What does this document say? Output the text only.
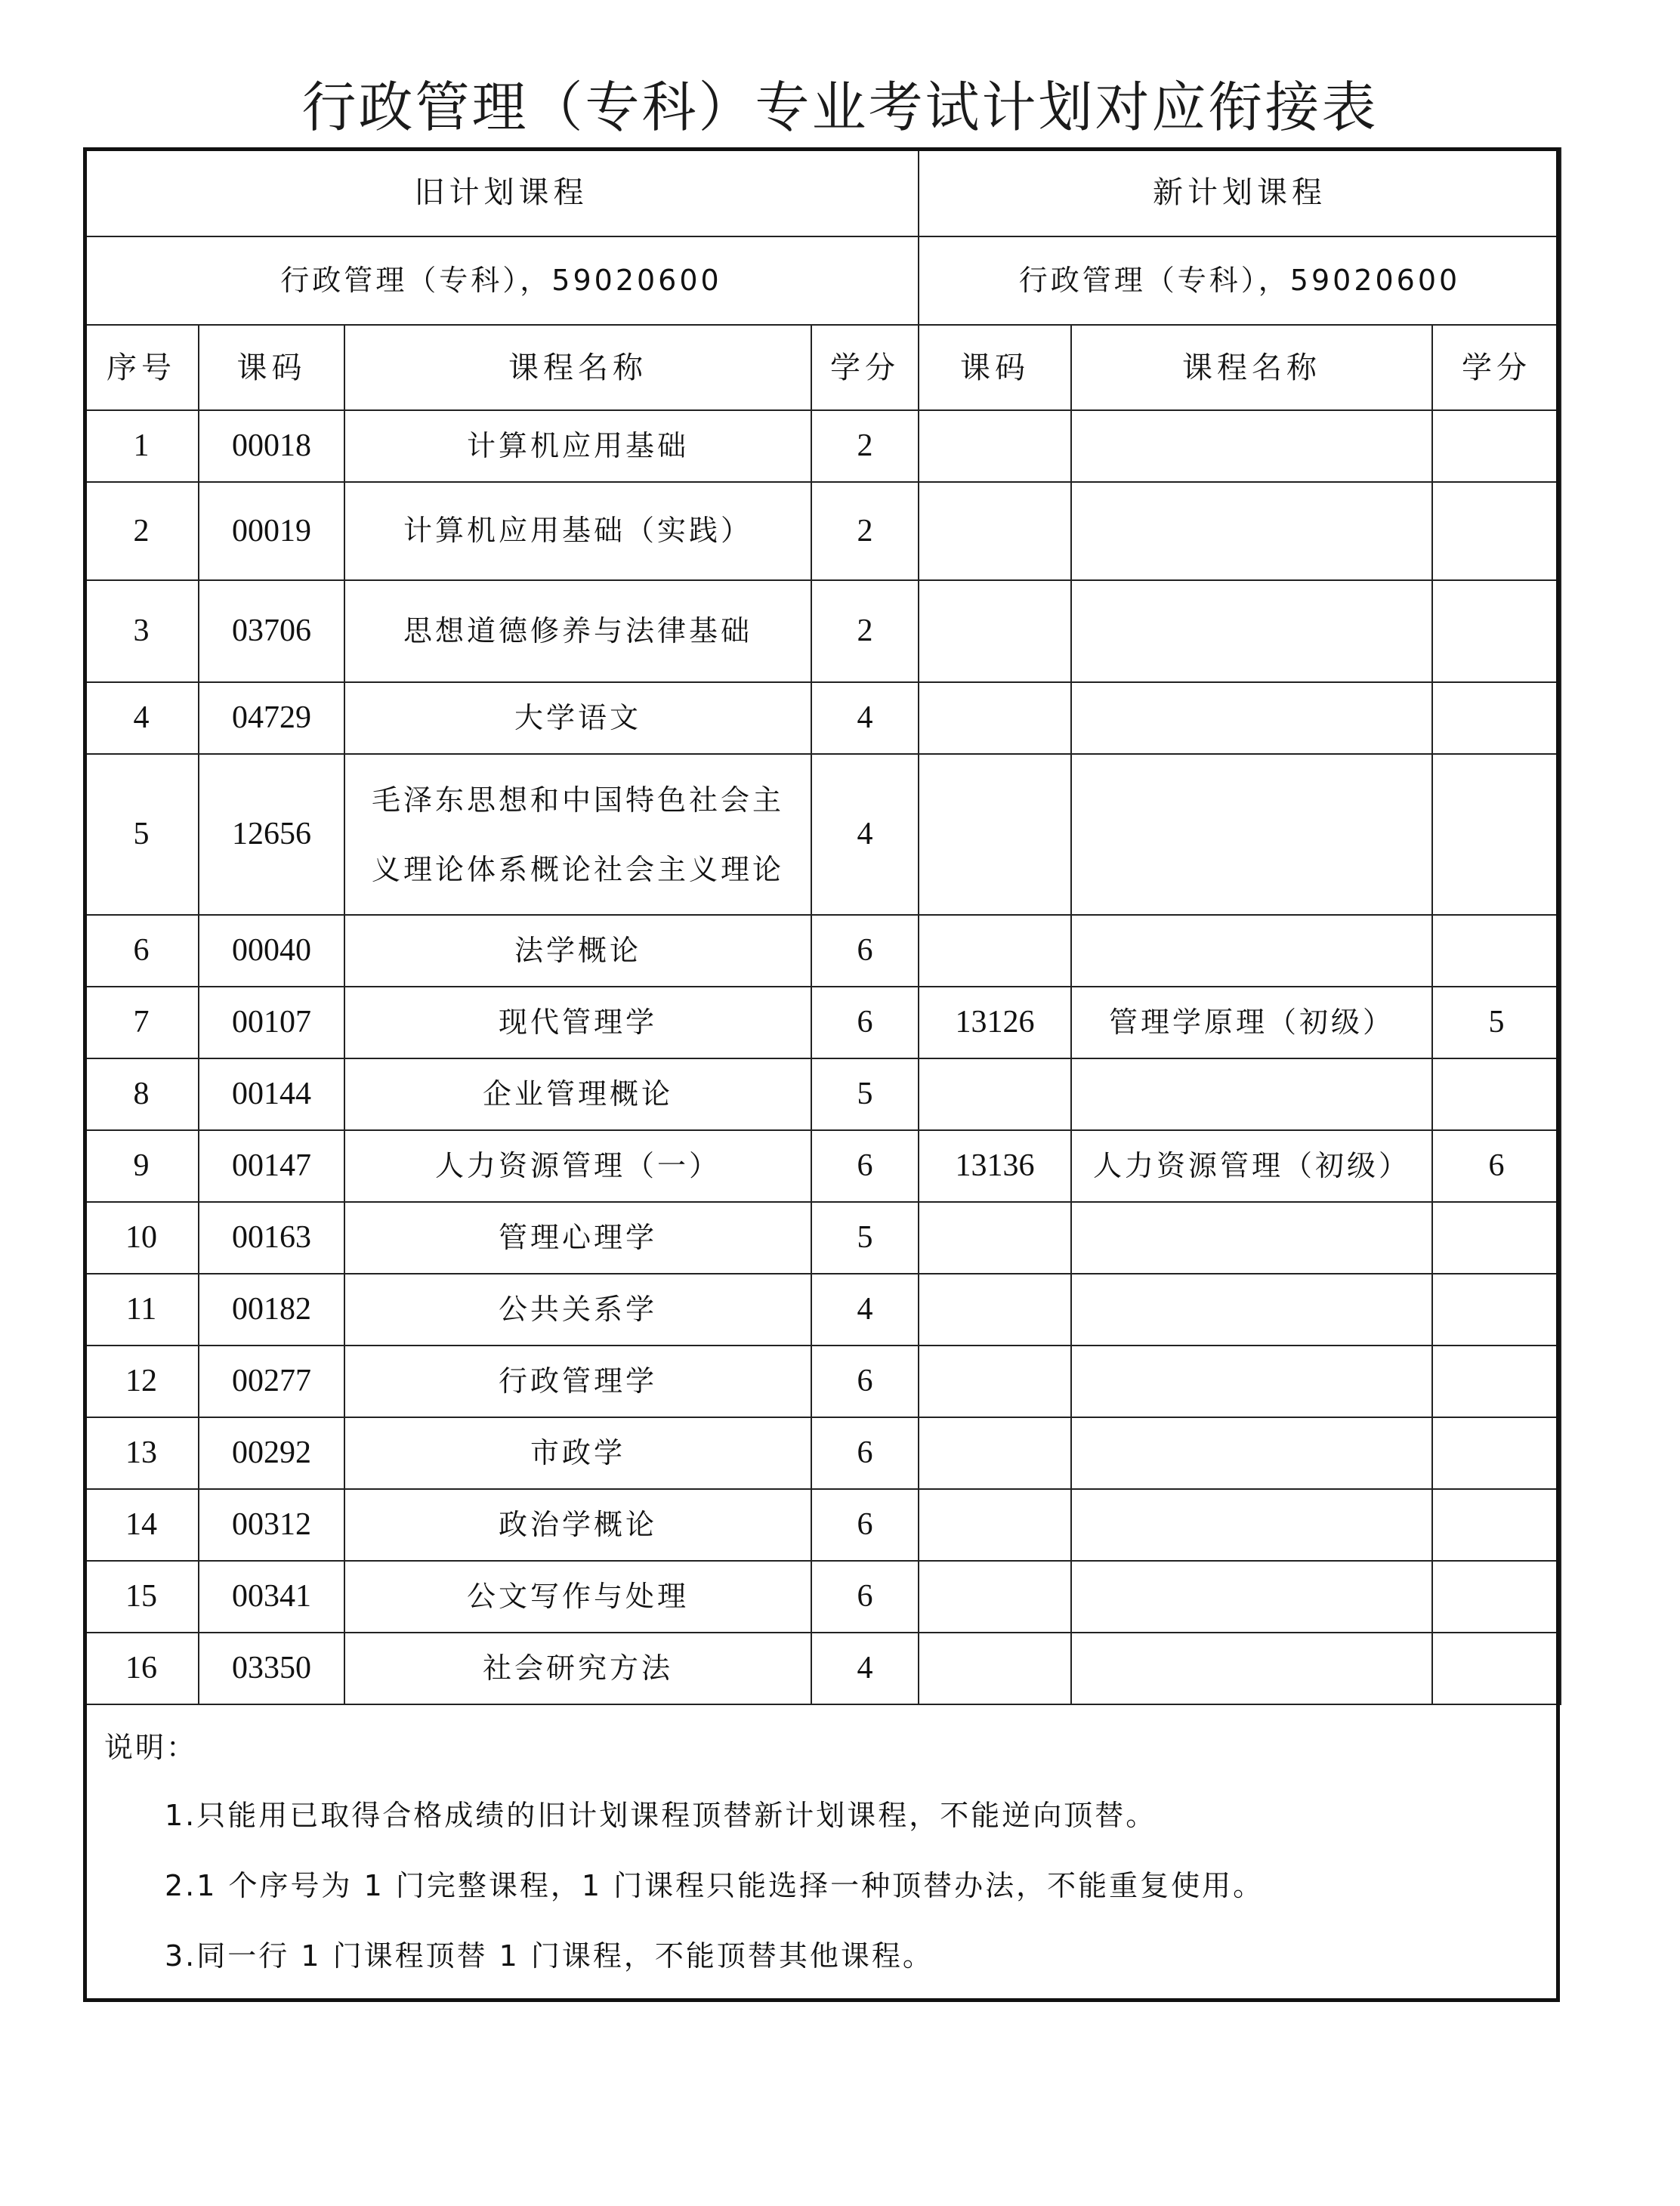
行政管理（专科）专业考试计划对应衔接表
旧计划课程				新计划课程		
行政管理（专科），59020600				行政管理（专科），59020600		
序号	课码	课程名称	学分	课码	课程名称	学分
1	00018	计算机应用基础	2			
2	00019	计算机应用基础（实践）	2			
3	03706	思想道德修养与法律基础	2			
4	04729	大学语文	4			
5	12656	毛泽东思想和中国特色社会主义理论体系概论社会主义理论	4			
6	00040	法学概论	6			
7	00107	现代管理学	6	13126	管理学原理（初级）	5
8	00144	企业管理概论	5			
9	00147	人力资源管理（一）	6	13136	人力资源管理（初级）	6
10	00163	管理心理学	5			
11	00182	公共关系学	4			
12	00277	行政管理学	6			
13	00292	市政学	6			
14	00312	政治学概论	6			
15	00341	公文写作与处理	6			
16	03350	社会研究方法	4			
说明：
1.只能用已取得合格成绩的旧计划课程顶替新计划课程，不能逆向顶替。
2.1 个序号为 1 门完整课程，1 门课程只能选择一种顶替办法，不能重复使用。
3.同一行 1 门课程顶替 1 门课程，不能顶替其他课程。
